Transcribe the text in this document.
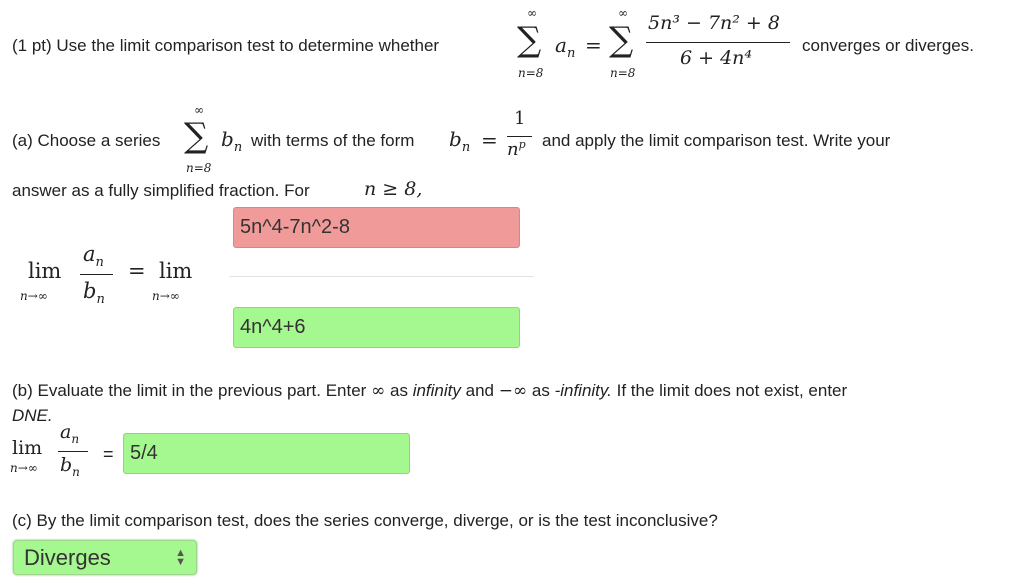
(1 pt) Use the limit comparison test to determine whether
∞
∑
n=8
$a_n$ =
∞
∑
n=8
5n³ − 7n² + 8
6 + 4n⁴
converges or diverges.
(a) Choose a series
∞
∑
n=8
$b_n$ with terms of the form $b_n$ =
1
$n^p$ and apply the limit comparison test. Write your
answer as a fully simplified fraction. For	n ≥ 8,
$a_n$
lim
$b_n$
n→∞
= lim
n→∞
5n^4-7n^2-8
4n^4+6
(b) Evaluate the limit in the previous part. Enter ∞ as infinity and −∞ as -infinity. If the limit does not exist, enter
DNE.
$a_n$
lim
$b_n$
n→∞
= 5/4
(c) By the limit comparison test, does the series converge, diverge, or is the test inconclusive?
Diverges	▲
▼
